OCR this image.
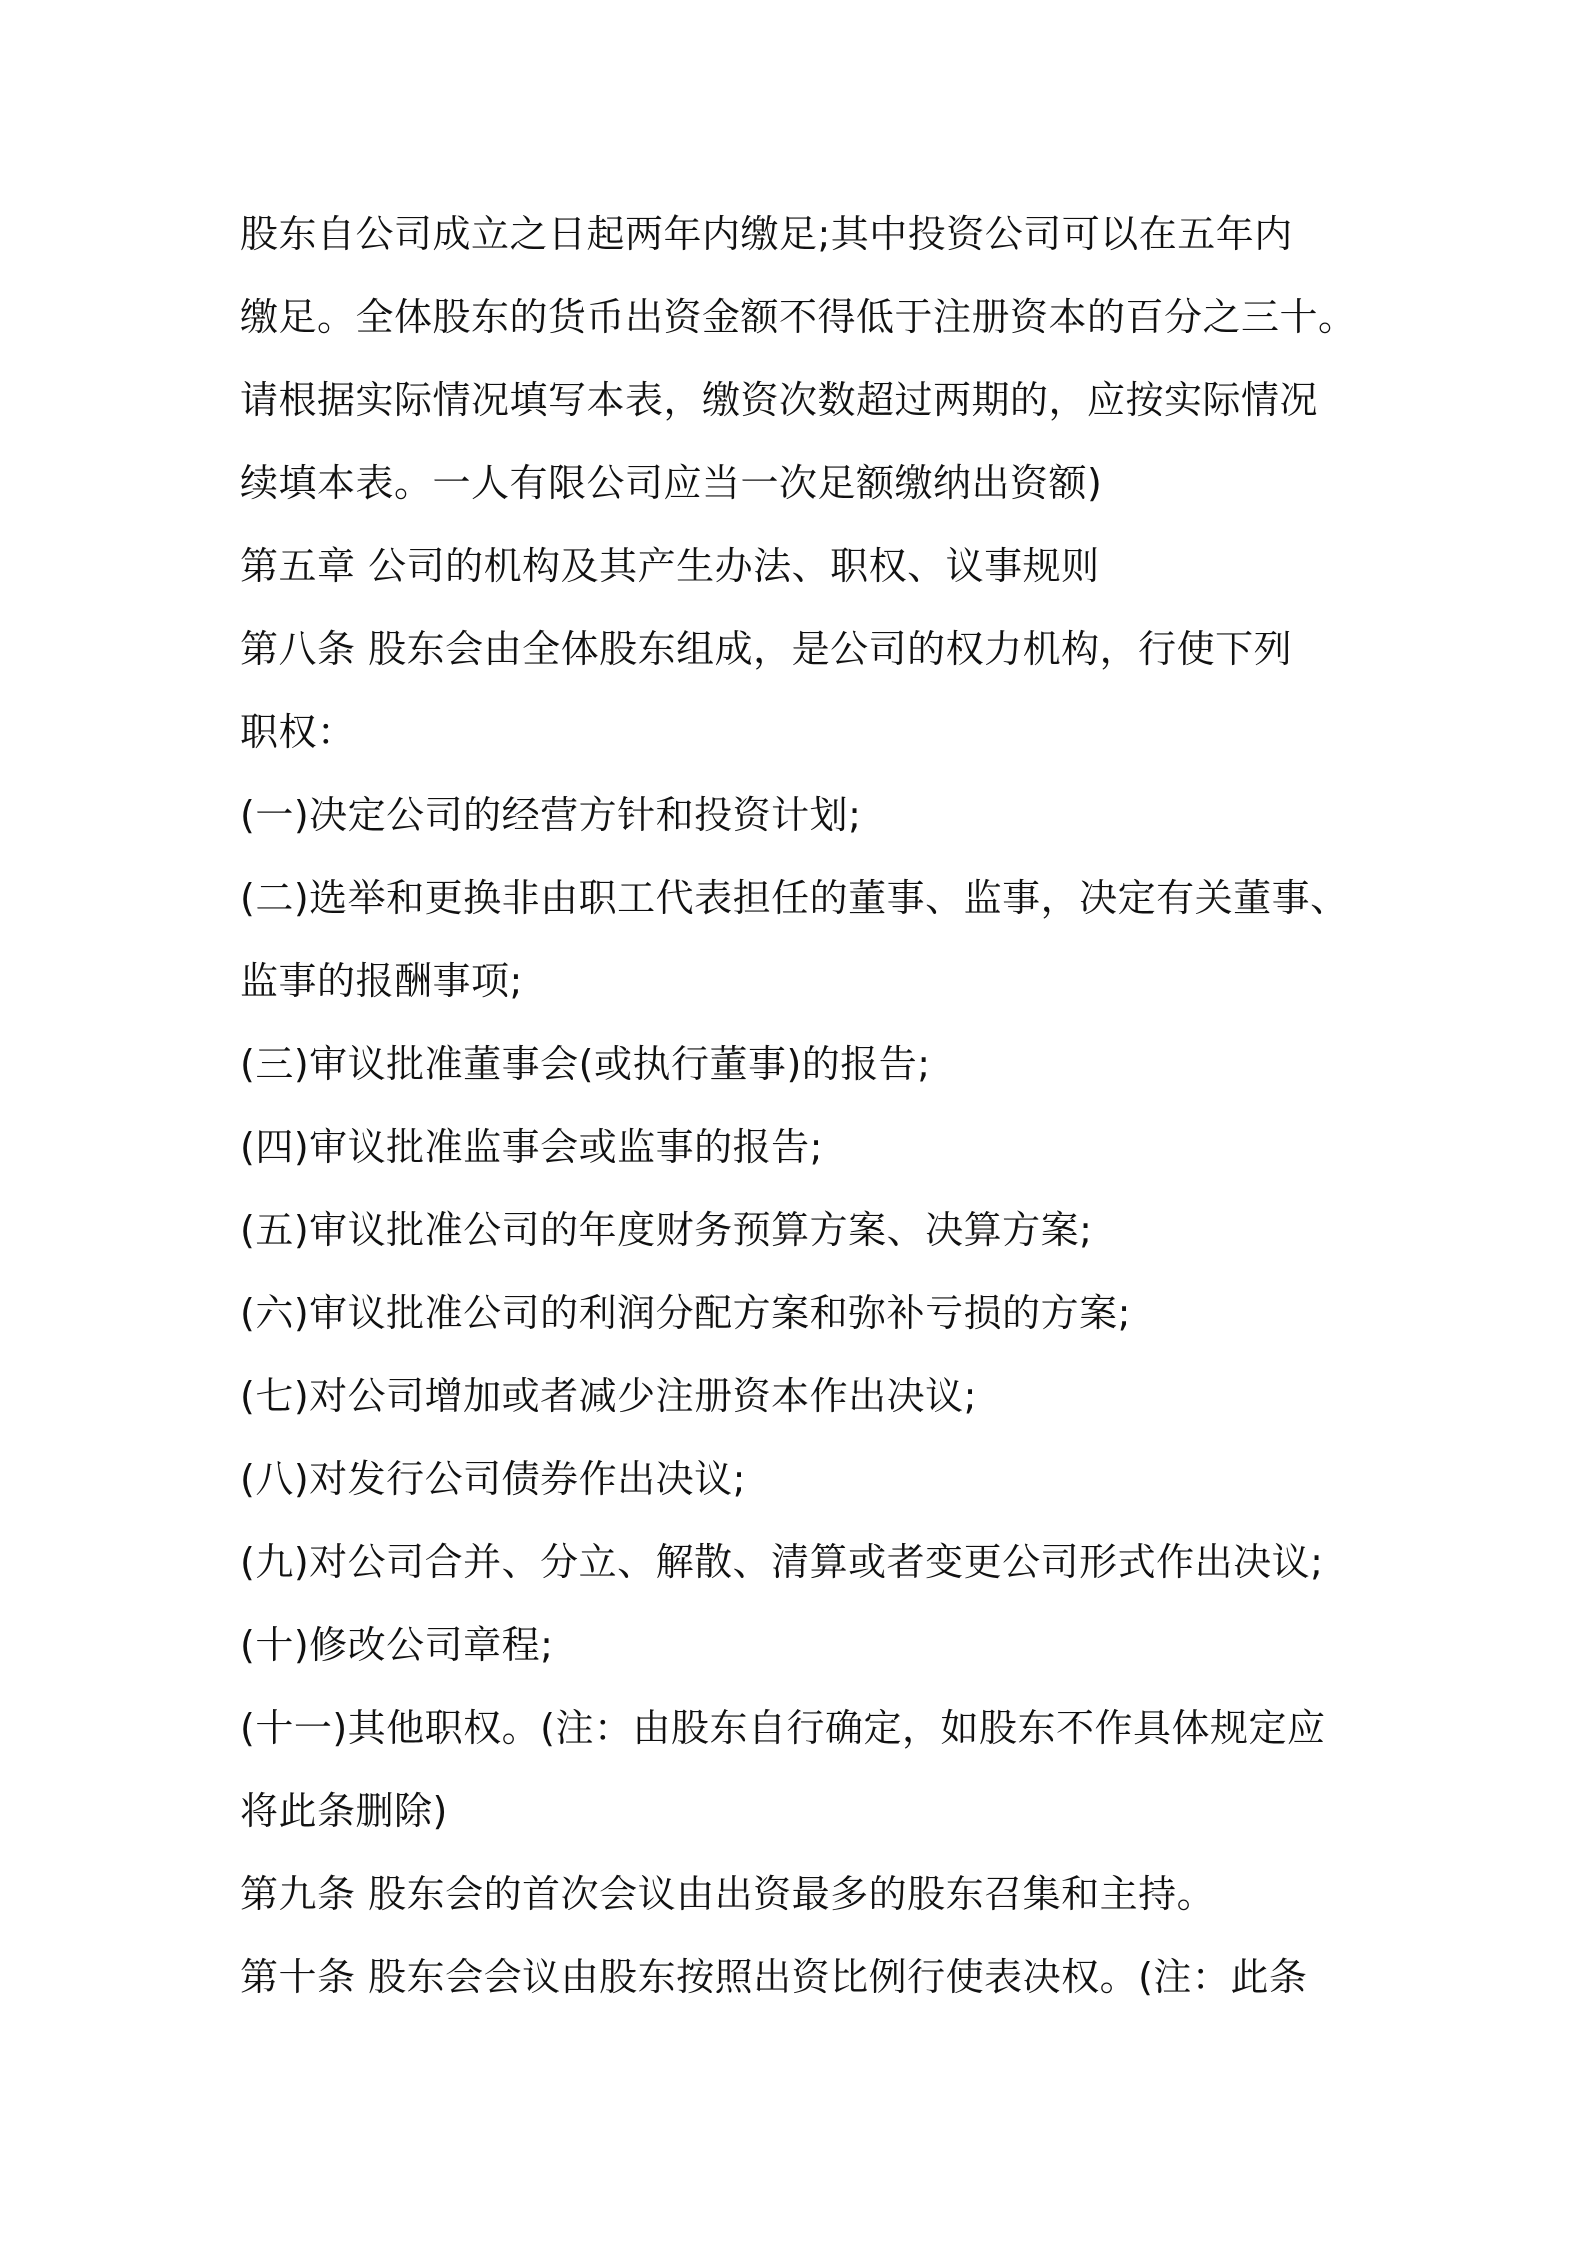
股东自公司成立之日起两年内缴足;其中投资公司可以在五年内
缴足。全体股东的货币出资金额不得低于注册资本的百分之三十。
请根据实际情况填写本表，缴资次数超过两期的，应按实际情况
续填本表。一人有限公司应当一次足额缴纳出资额)
第五章 公司的机构及其产生办法、职权、议事规则
第八条 股东会由全体股东组成，是公司的权力机构，行使下列
职权：
(一)决定公司的经营方针和投资计划;
(二)选举和更换非由职工代表担任的董事、监事，决定有关董事、
监事的报酬事项;
(三)审议批准董事会(或执行董事)的报告;
(四)审议批准监事会或监事的报告;
(五)审议批准公司的年度财务预算方案、决算方案;
(六)审议批准公司的利润分配方案和弥补亏损的方案;
(七)对公司增加或者减少注册资本作出决议;
(八)对发行公司债券作出决议;
(九)对公司合并、分立、解散、清算或者变更公司形式作出决议;
(十)修改公司章程;
(十一)其他职权。(注：由股东自行确定，如股东不作具体规定应
将此条删除)
第九条 股东会的首次会议由出资最多的股东召集和主持。
第十条 股东会会议由股东按照出资比例行使表决权。(注：此条
